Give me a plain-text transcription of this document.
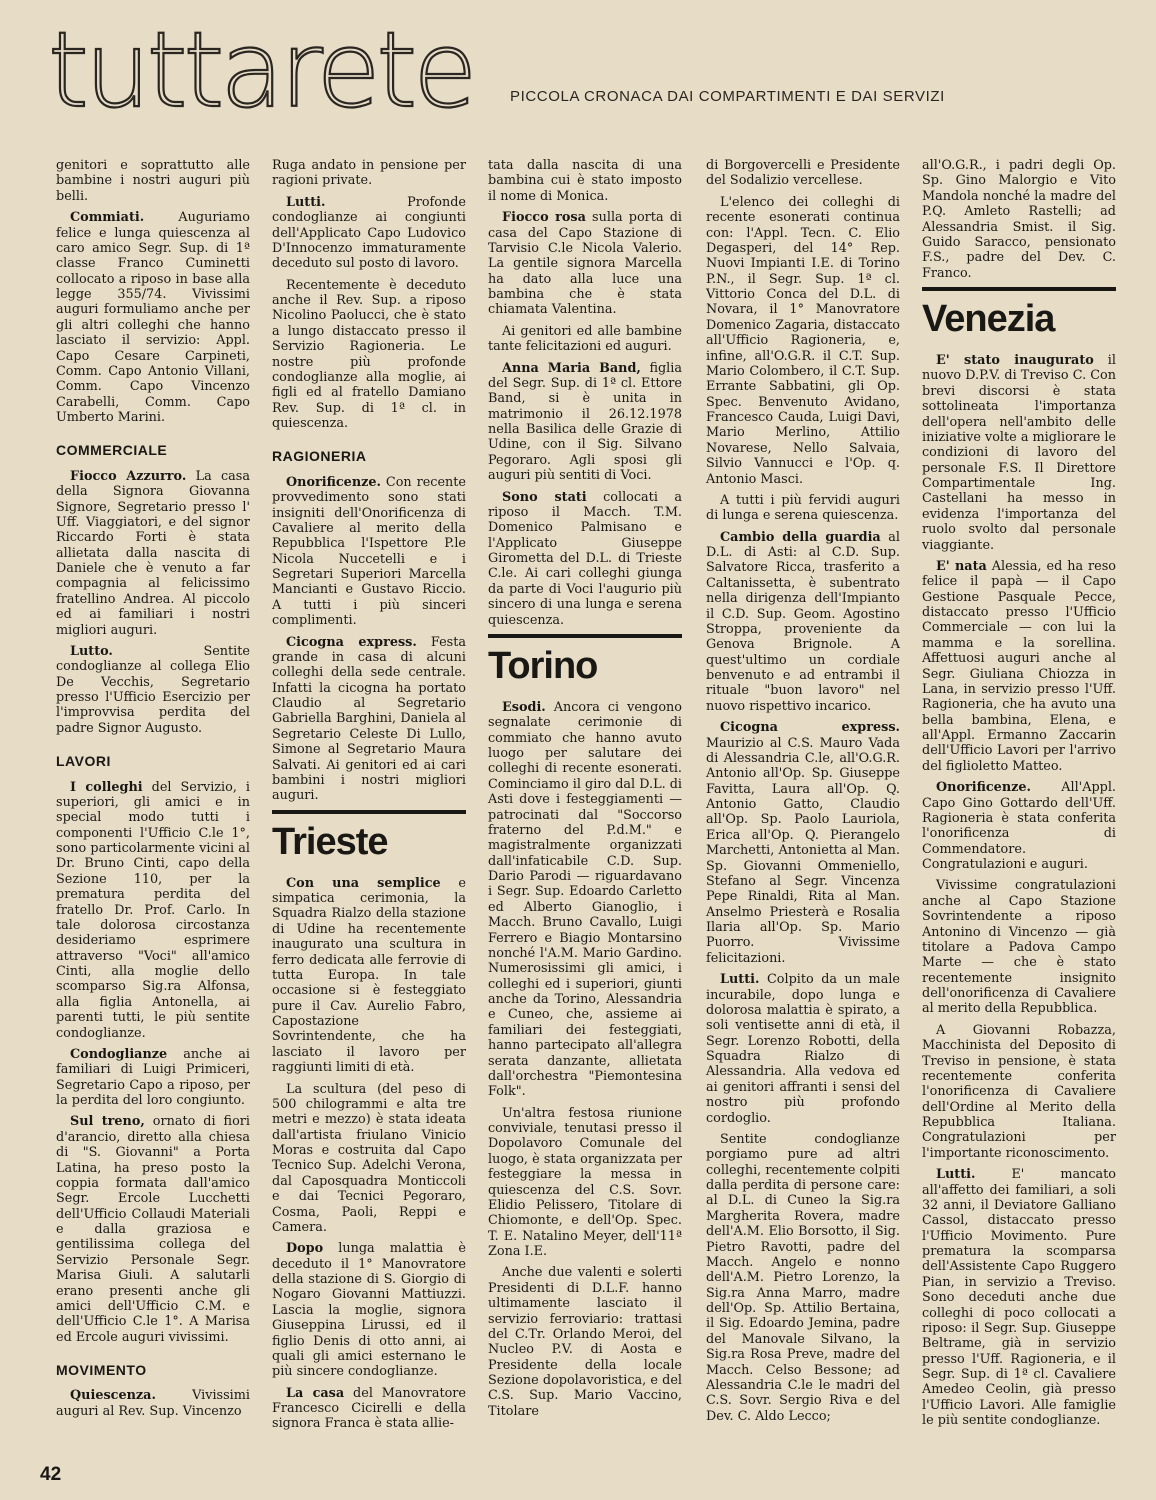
tuttarete PICCOLA CRONACA DAI COMPARTIMENTI E DAI SERVIZI

genitori e soprattutto alle bambine i nostri auguri più belli.

Commiati. Auguriamo felice e lunga quiescenza al caro amico Segr. Sup. di 1ª classe Franco Cuminetti collocato a riposo in base alla legge 355/74. Vivissimi auguri formuliamo anche per gli altri colleghi che hanno lasciato il servizio: Appl. Capo Cesare Carpineti, Comm. Capo Antonio Villani, Comm. Capo Vincenzo Carabelli, Comm. Capo Umberto Marini.

COMMERCIALE

Fiocco Azzurro. La casa della Signora Giovanna Signore, Segretario presso l' Uff. Viaggiatori, e del signor Riccardo Forti è stata allietata dalla nascita di Daniele che è venuto a far compagnia al felicissimo fratellino Andrea. Al piccolo ed ai familiari i nostri migliori auguri.

Lutto. Sentite condoglianze al collega Elio De Vecchis, Segretario presso l'Ufficio Esercizio per l'improvvisa perdita del padre Signor Augusto.

LAVORI

I colleghi del Servizio, i superiori, gli amici e in special modo tutti i componenti l'Ufficio C.le 1°, sono particolarmente vicini al Dr. Bruno Cinti, capo della Sezione 110, per la prematura perdita del fratello Dr. Prof. Carlo. In tale dolorosa circostanza desideriamo esprimere attraverso "Voci" all'amico Cinti, alla moglie dello scomparso Sig.ra Alfonsa, alla figlia Antonella, ai parenti tutti, le più sentite condoglianze.

Condoglianze anche ai familiari di Luigi Primiceri, Segretario Capo a riposo, per la perdita del loro congiunto.

Sul treno, ornato di fiori d'arancio, diretto alla chiesa di "S. Giovanni" a Porta Latina, ha preso posto la coppia formata dall'amico Segr. Ercole Lucchetti dell'Ufficio Collaudi Materiali e dalla graziosa e gentilissima collega del Servizio Personale Segr. Marisa Giuli. A salutarli erano presenti anche gli amici dell'Ufficio C.M. e dell'Ufficio C.le 1°. A Marisa ed Ercole auguri vivissimi.

MOVIMENTO

Quiescenza. Vivissimi auguri al Rev. Sup. Vincenzo

Ruga andato in pensione per ragioni private.

Lutti. Profonde condoglianze ai congiunti dell'Applicato Capo Ludovico D'Innocenzo immaturamente deceduto sul posto di lavoro.

Recentemente è deceduto anche il Rev. Sup. a riposo Nicolino Paolucci, che è stato a lungo distaccato presso il Servizio Ragioneria. Le nostre più profonde condoglianze alla moglie, ai figli ed al fratello Damiano Rev. Sup. di 1ª cl. in quiescenza.

RAGIONERIA

Onorificenze. Con recente provvedimento sono stati insigniti dell'Onorificenza di Cavaliere al merito della Repubblica l'Ispettore P.le Nicola Nuccetelli e i Segretari Superiori Marcella Mancianti e Gustavo Riccio. A tutti i più sinceri complimenti.

Cicogna express. Festa grande in casa di alcuni colleghi della sede centrale. Infatti la cicogna ha portato Claudio al Segretario Gabriella Barghini, Daniela al Segretario Celeste Di Lullo, Simone al Segretario Maura Salvati. Ai genitori ed ai cari bambini i nostri migliori auguri.

Trieste

Con una semplice e simpatica cerimonia, la Squadra Rialzo della stazione di Udine ha recentemente inaugurato una scultura in ferro dedicata alle ferrovie di tutta Europa. In tale occasione si è festeggiato pure il Cav. Aurelio Fabro, Capostazione Sovrintendente, che ha lasciato il lavoro per raggiunti limiti di età.

La scultura (del peso di 500 chilogrammi e alta tre metri e mezzo) è stata ideata dall'artista friulano Vinicio Moras e costruita dal Capo Tecnico Sup. Adelchi Verona, dal Caposquadra Monticcoli e dai Tecnici Pegoraro, Cosma, Paoli, Reppi e Camera.

Dopo lunga malattia è deceduto il 1° Manovratore della stazione di S. Giorgio di Nogaro Giovanni Mattiuzzi. Lascia la moglie, signora Giuseppina Lirussi, ed il figlio Denis di otto anni, ai quali gli amici esternano le più sincere condoglianze.

La casa del Manovratore Francesco Cicirelli e della signora Franca è stata allie-

tata dalla nascita di una bambina cui è stato imposto il nome di Monica.

Fiocco rosa sulla porta di casa del Capo Stazione di Tarvisio C.le Nicola Valerio. La gentile signora Marcella ha dato alla luce una bambina che è stata chiamata Valentina.

Ai genitori ed alle bambine tante felicitazioni ed auguri.

Anna Maria Band, figlia del Segr. Sup. di 1ª cl. Ettore Band, si è unita in matrimonio il 26.12.1978 nella Basilica delle Grazie di Udine, con il Sig. Silvano Pegoraro. Agli sposi gli auguri più sentiti di Voci.

Sono stati collocati a riposo il Macch. T.M. Domenico Palmisano e l'Applicato Giuseppe Girometta del D.L. di Trieste C.le. Ai cari colleghi giunga da parte di Voci l'augurio più sincero di una lunga e serena quiescenza.

Torino

Esodi. Ancora ci vengono segnalate cerimonie di commiato che hanno avuto luogo per salutare dei colleghi di recente esonerati. Cominciamo il giro dal D.L. di Asti dove i festeggiamenti — patrocinati dal "Soccorso fraterno del P.d.M." e magistralmente organizzati dall'infaticabile C.D. Sup. Dario Parodi — riguardavano i Segr. Sup. Edoardo Carletto ed Alberto Gianoglio, i Macch. Bruno Cavallo, Luigi Ferrero e Biagio Montarsino nonché l'A.M. Mario Gardino. Numerosissimi gli amici, i colleghi ed i superiori, giunti anche da Torino, Alessandria e Cuneo, che, assieme ai familiari dei festeggiati, hanno partecipato all'allegra serata danzante, allietata dall'orchestra "Piemontesina Folk".

Un'altra festosa riunione conviviale, tenutasi presso il Dopolavoro Comunale del luogo, è stata organizzata per festeggiare la messa in quiescenza del C.S. Sovr. Elidio Pelissero, Titolare di Chiomonte, e dell'Op. Spec. T. E. Natalino Meyer, dell'11ª Zona I.E.

Anche due valenti e solerti Presidenti di D.L.F. hanno ultimamente lasciato il servizio ferroviario: trattasi del C.Tr. Orlando Meroi, del Nucleo P.V. di Aosta e Presidente della locale Sezione dopolavoristica, e del C.S. Sup. Mario Vaccino, Titolare

di Borgovercelli e Presidente del Sodalizio vercellese.

L'elenco dei colleghi di recente esonerati continua con: l'Appl. Tecn. C. Elio Degasperi, del 14° Rep. Nuovi Impianti I.E. di Torino P.N., il Segr. Sup. 1ª cl. Vittorio Conca del D.L. di Novara, il 1° Manovratore Domenico Zagaria, distaccato all'Ufficio Ragioneria, e, infine, all'O.G.R. il C.T. Sup. Mario Colombero, il C.T. Sup. Errante Sabbatini, gli Op. Spec. Benvenuto Avidano, Francesco Cauda, Luigi Davi, Mario Merlino, Attilio Novarese, Nello Salvaia, Silvio Vannucci e l'Op. q. Antonio Masci.

A tutti i più fervidi auguri di lunga e serena quiescenza.

Cambio della guardia al D.L. di Asti: al C.D. Sup. Salvatore Ricca, trasferito a Caltanissetta, è subentrato nella dirigenza dell'Impianto il C.D. Sup. Geom. Agostino Stroppa, proveniente da Genova Brignole. A quest'ultimo un cordiale benvenuto e ad entrambi il rituale "buon lavoro" nel nuovo rispettivo incarico.

Cicogna express. Maurizio al C.S. Mauro Vada di Alessandria C.le, all'O.G.R. Antonio all'Op. Sp. Giuseppe Favitta, Laura all'Op. Q. Antonio Gatto, Claudio all'Op. Sp. Paolo Lauriola, Erica all'Op. Q. Pierangelo Marchetti, Antonietta al Man. Sp. Giovanni Ommeniello, Stefano al Segr. Vincenza Pepe Rinaldi, Rita al Man. Anselmo Priesterà e Rosalia Ilaria all'Op. Sp. Mario Puorro. Vivissime felicitazioni.

Lutti. Colpito da un male incurabile, dopo lunga e dolorosa malattia è spirato, a soli ventisette anni di età, il Segr. Lorenzo Robotti, della Squadra Rialzo di Alessandria. Alla vedova ed ai genitori affranti i sensi del nostro più profondo cordoglio.

Sentite condoglianze porgiamo pure ad altri colleghi, recentemente colpiti dalla perdita di persone care: al D.L. di Cuneo la Sig.ra Margherita Rovera, madre dell'A.M. Elio Borsotto, il Sig. Pietro Ravotti, padre del Macch. Angelo e nonno dell'A.M. Pietro Lorenzo, la Sig.ra Anna Marro, madre dell'Op. Sp. Attilio Bertaina, il Sig. Edoardo Jemina, padre del Manovale Silvano, la Sig.ra Rosa Preve, madre del Macch. Celso Bessone; ad Alessandria C.le le madri del C.S. Sovr. Sergio Riva e del Dev. C. Aldo Lecco;

all'O.G.R., i padri degli Op. Sp. Gino Malorgio e Vito Mandola nonché la madre del P.Q. Amleto Rastelli; ad Alessandria Smist. il Sig. Guido Saracco, pensionato F.S., padre del Dev. C. Franco.

Venezia

E' stato inaugurato il nuovo D.P.V. di Treviso C. Con brevi discorsi è stata sottolineata l'importanza dell'opera nell'ambito delle iniziative volte a migliorare le condizioni di lavoro del personale F.S. Il Direttore Compartimentale Ing. Castellani ha messo in evidenza l'importanza del ruolo svolto dal personale viaggiante.

E' nata Alessia, ed ha reso felice il papà — il Capo Gestione Pasquale Pecce, distaccato presso l'Ufficio Commerciale — con lui la mamma e la sorellina. Affettuosi auguri anche al Segr. Giuliana Chiozza in Lana, in servizio presso l'Uff. Ragioneria, che ha avuto una bella bambina, Elena, e all'Appl. Ermanno Zaccarin dell'Ufficio Lavori per l'arrivo del figlioletto Matteo.

Onorificenze. All'Appl. Capo Gino Gottardo dell'Uff. Ragioneria è stata conferita l'onorificenza di Commendatore. Congratulazioni e auguri.

Vivissime congratulazioni anche al Capo Stazione Sovrintendente a riposo Antonino di Vincenzo — già titolare a Padova Campo Marte — che è stato recentemente insignito dell'onorificenza di Cavaliere al merito della Repubblica.

A Giovanni Robazza, Macchinista del Deposito di Treviso in pensione, è stata recentemente conferita l'onorificenza di Cavaliere dell'Ordine al Merito della Repubblica Italiana. Congratulazioni per l'importante riconoscimento.

Lutti. E' mancato all'affetto dei familiari, a soli 32 anni, il Deviatore Galliano Cassol, distaccato presso l'Ufficio Movimento. Pure prematura la scomparsa dell'Assistente Capo Ruggero Pian, in servizio a Treviso. Sono deceduti anche due colleghi di poco collocati a riposo: il Segr. Sup. Giuseppe Beltrame, già in servizio presso l'Uff. Ragioneria, e il Segr. Sup. di 1ª cl. Cavaliere Amedeo Ceolin, già presso l'Ufficio Lavori. Alle famiglie le più sentite condoglianze.

42
